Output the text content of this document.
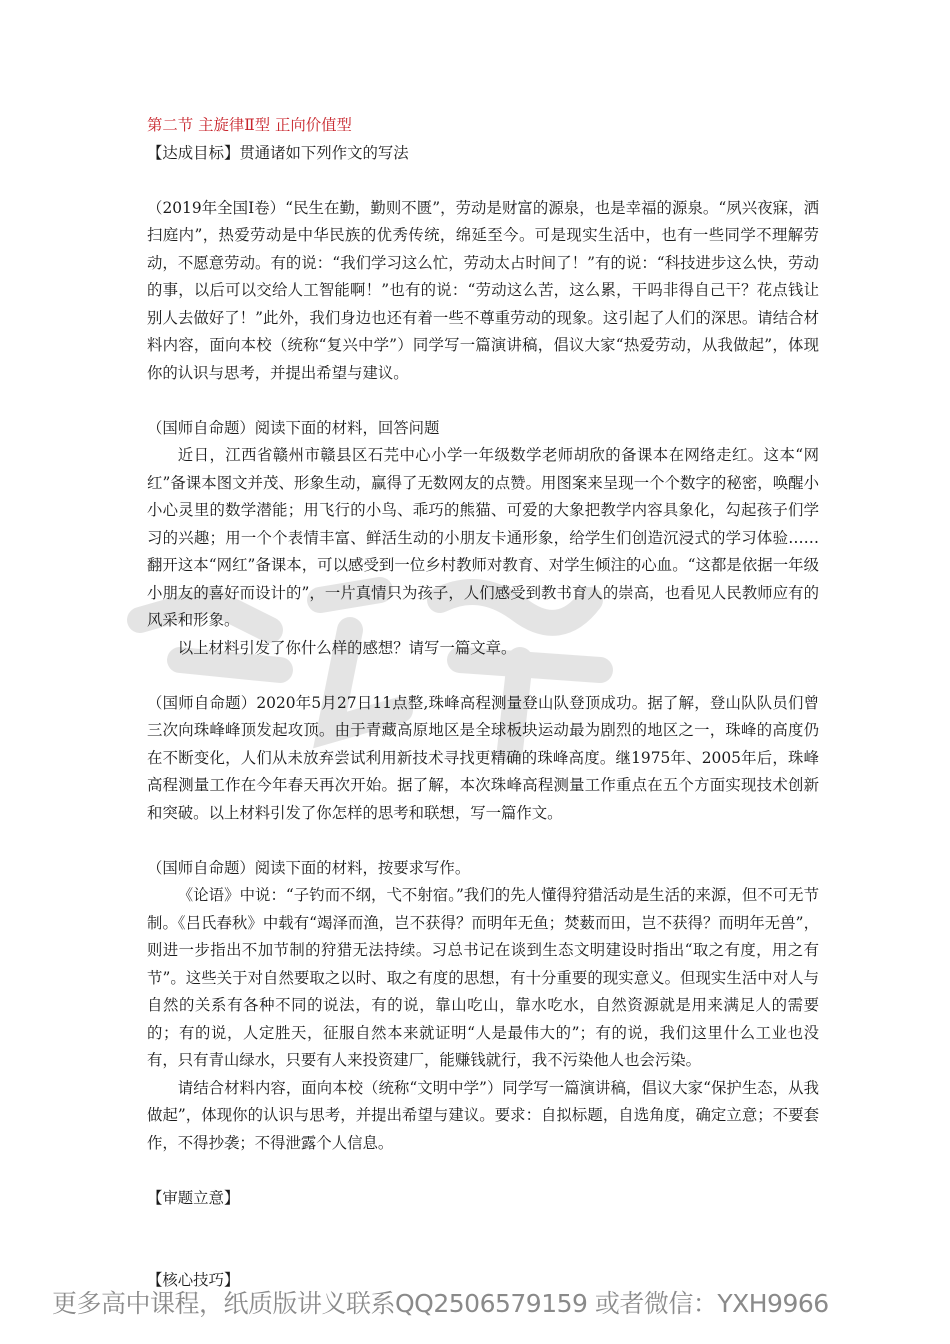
第二节 主旋律Ⅱ型 正向价值型

【达成目标】贯通诸如下列作文的写法

（2019年全国Ⅰ卷）“民生在勤，勤则不匮”，劳动是财富的源泉，也是幸福的源泉。“夙兴夜寐，洒扫庭内”，热爱劳动是中华民族的优秀传统，绵延至今。可是现实生活中，也有一些同学不理解劳动，不愿意劳动。有的说：“我们学习这么忙，劳动太占时间了！”有的说：“科技进步这么快，劳动的事，以后可以交给人工智能啊！”也有的说：“劳动这么苦，这么累，干吗非得自己干？花点钱让别人去做好了！”此外，我们身边也还有着一些不尊重劳动的现象。这引起了人们的深思。请结合材料内容，面向本校（统称“复兴中学”）同学写一篇演讲稿，倡议大家“热爱劳动，从我做起”，体现你的认识与思考，并提出希望与建议。

（国师自命题）阅读下面的材料，回答问题

近日，江西省赣州市赣县区石芫中心小学一年级数学老师胡欣的备课本在网络走红。这本“网红”备课本图文并茂、形象生动，赢得了无数网友的点赞。用图案来呈现一个个数字的秘密，唤醒小小心灵里的数学潜能；用飞行的小鸟、乖巧的熊猫、可爱的大象把教学内容具象化，勾起孩子们学习的兴趣；用一个个表情丰富、鲜活生动的小朋友卡通形象，给学生们创造沉浸式的学习体验……翻开这本“网红”备课本，可以感受到一位乡村教师对教育、对学生倾注的心血。“这都是依据一年级小朋友的喜好而设计的”，一片真情只为孩子，人们感受到教书育人的崇高，也看见人民教师应有的风采和形象。

以上材料引发了你什么样的感想？请写一篇文章。

（国师自命题）2020年5月27日11点整,珠峰高程测量登山队登顶成功。据了解，登山队队员们曾三次向珠峰峰顶发起攻顶。由于青藏高原地区是全球板块运动最为剧烈的地区之一，珠峰的高度仍在不断变化，人们从未放弃尝试利用新技术寻找更精确的珠峰高度。继1975年、2005年后，珠峰高程测量工作在今年春天再次开始。据了解，本次珠峰高程测量工作重点在五个方面实现技术创新和突破。以上材料引发了你怎样的思考和联想，写一篇作文。

（国师自命题）阅读下面的材料，按要求写作。

《论语》中说：“子钓而不纲，弋不射宿。”我们的先人懂得狩猎活动是生活的来源，但不可无节制。《吕氏春秋》中载有“竭泽而渔，岂不获得？而明年无鱼；焚薮而田，岂不获得？而明年无兽”，则进一步指出不加节制的狩猎无法持续。习总书记在谈到生态文明建设时指出“取之有度，用之有节”。这些关于对自然要取之以时、取之有度的思想，有十分重要的现实意义。但现实生活中对人与自然的关系有各种不同的说法，有的说，靠山吃山，靠水吃水，自然资源就是用来满足人的需要的；有的说，人定胜天，征服自然本来就证明“人是最伟大的”；有的说，我们这里什么工业也没有，只有青山绿水，只要有人来投资建厂，能赚钱就行，我不污染他人也会污染。

请结合材料内容，面向本校（统称“文明中学”）同学写一篇演讲稿，倡议大家“保护生态，从我做起”，体现你的认识与思考，并提出希望与建议。要求：自拟标题，自选角度，确定立意；不要套作，不得抄袭；不得泄露个人信息。

【审题立意】

【核心技巧】

更多高中课程，纸质版讲义联系QQ2506579159 或者微信：YXH9966
